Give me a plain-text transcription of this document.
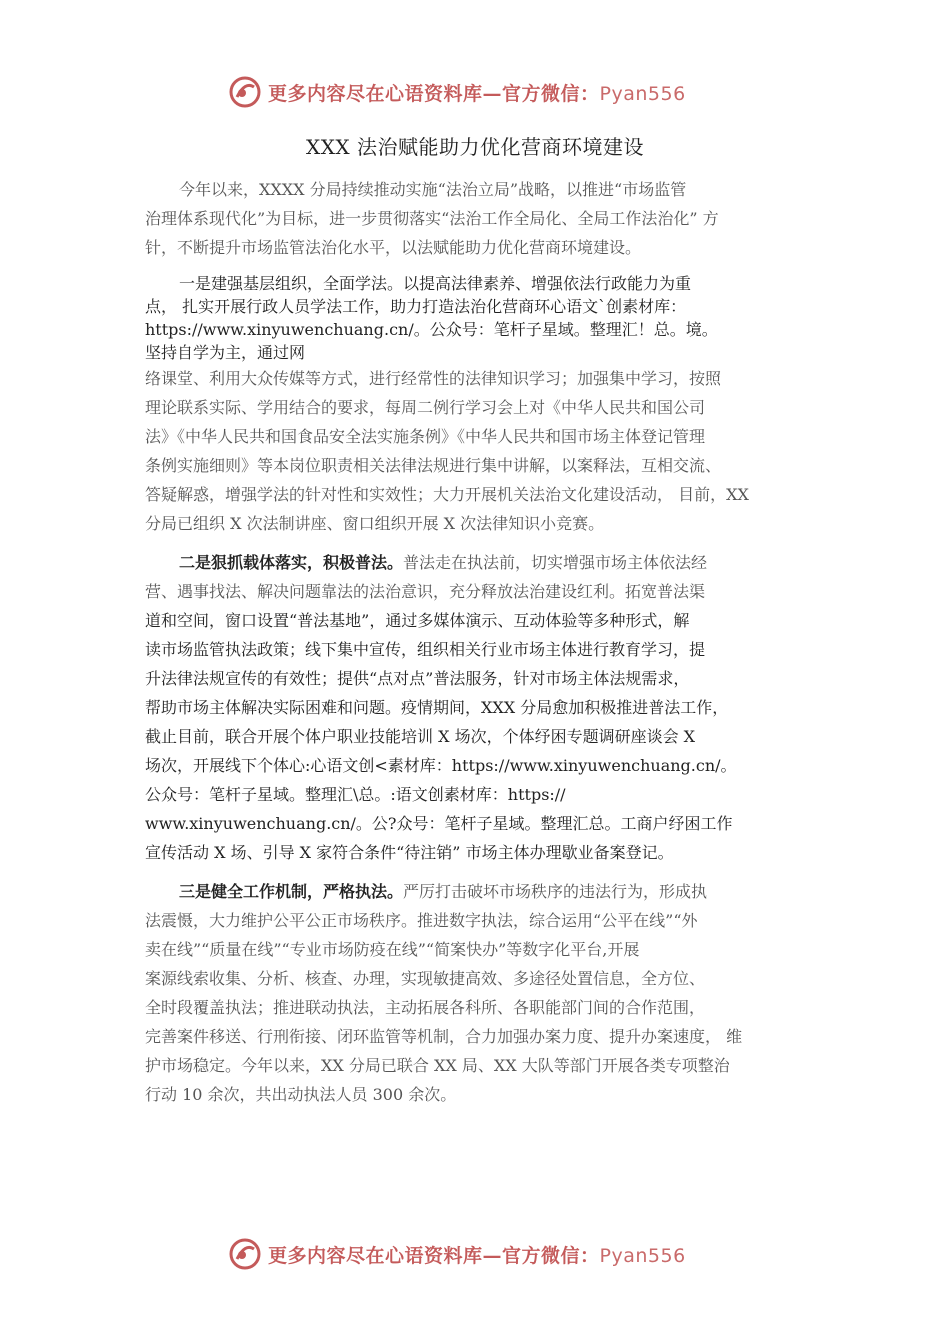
更多内容尽在心语资料库—官方微信：Pyan556
XXX 法治赋能助力优化营商环境建设
今年以来，XXXX 分局持续推动实施“法治立局”战略，以推进“市场监管
治理体系现代化”为目标，进一步贯彻落实“法治工作全局化、全局工作法治化” 方
针，不断提升市场监管法治化水平，以法赋能助力优化营商环境建设。
一是建强基层组织，全面学法。以提高法律素养、增强依法行政能力为重
点， 扎实开展行政人员学法工作，助力打造法治化营商环心语文`创素材库：
https://www.xinyuwenchuang.cn/。公众号：笔杆子星域。整理汇！总。境。
坚持自学为主，通过网
络课堂、利用大众传媒等方式，进行经常性的法律知识学习；加强集中学习，按照
理论联系实际、学用结合的要求，每周二例行学习会上对《中华人民共和国公司
法》《中华人民共和国食品安全法实施条例》《中华人民共和国市场主体登记管理
条例实施细则》等本岗位职责相关法律法规进行集中讲解，以案释法，互相交流、
答疑解惑，增强学法的针对性和实效性；大力开展机关法治文化建设活动， 目前，XX
分局已组织 X 次法制讲座、窗口组织开展 X 次法律知识小竞赛。
二是狠抓载体落实，积极普法。普法走在执法前，切实增强市场主体依法经
营、遇事找法、解决问题靠法的法治意识，充分释放法治建设红利。拓宽普法渠
道和空间，窗口设置“普法基地”，通过多媒体演示、互动体验等多种形式，解
读市场监管执法政策；线下集中宣传，组织相关行业市场主体进行教育学习，提
升法律法规宣传的有效性；提供“点对点”普法服务，针对市场主体法规需求，
帮助市场主体解决实际困难和问题。疫情期间，XXX 分局愈加积极推进普法工作，
截止目前，联合开展个体户职业技能培训 X 场次，个体纾困专题调研座谈会 X
场次，开展线下个体心:心语文创<素材库：https://www.xinyuwenchuang.cn/。
公众号：笔杆子星域。整理汇\总。:语文创素材库：https://
www.xinyuwenchuang.cn/。公?众号：笔杆子星域。整理汇总。工商户纾困工作
宣传活动 X 场、引导 X 家符合条件“待注销” 市场主体办理歇业备案登记。
三是健全工作机制，严格执法。严厉打击破坏市场秩序的违法行为，形成执
法震慑，大力维护公平公正市场秩序。推进数字执法，综合运用“公平在线”“外
卖在线”“质量在线”“专业市场防疫在线”“简案快办”等数字化平台,开展
案源线索收集、分析、核查、办理，实现敏捷高效、多途径处置信息，全方位、
全时段覆盖执法；推进联动执法，主动拓展各科所、各职能部门间的合作范围，
完善案件移送、行刑衔接、闭环监管等机制，合力加强办案力度、提升办案速度， 维
护市场稳定。今年以来，XX 分局已联合 XX 局、XX 大队等部门开展各类专项整治
行动 10 余次，共出动执法人员 300 余次。
更多内容尽在心语资料库—官方微信：Pyan556
